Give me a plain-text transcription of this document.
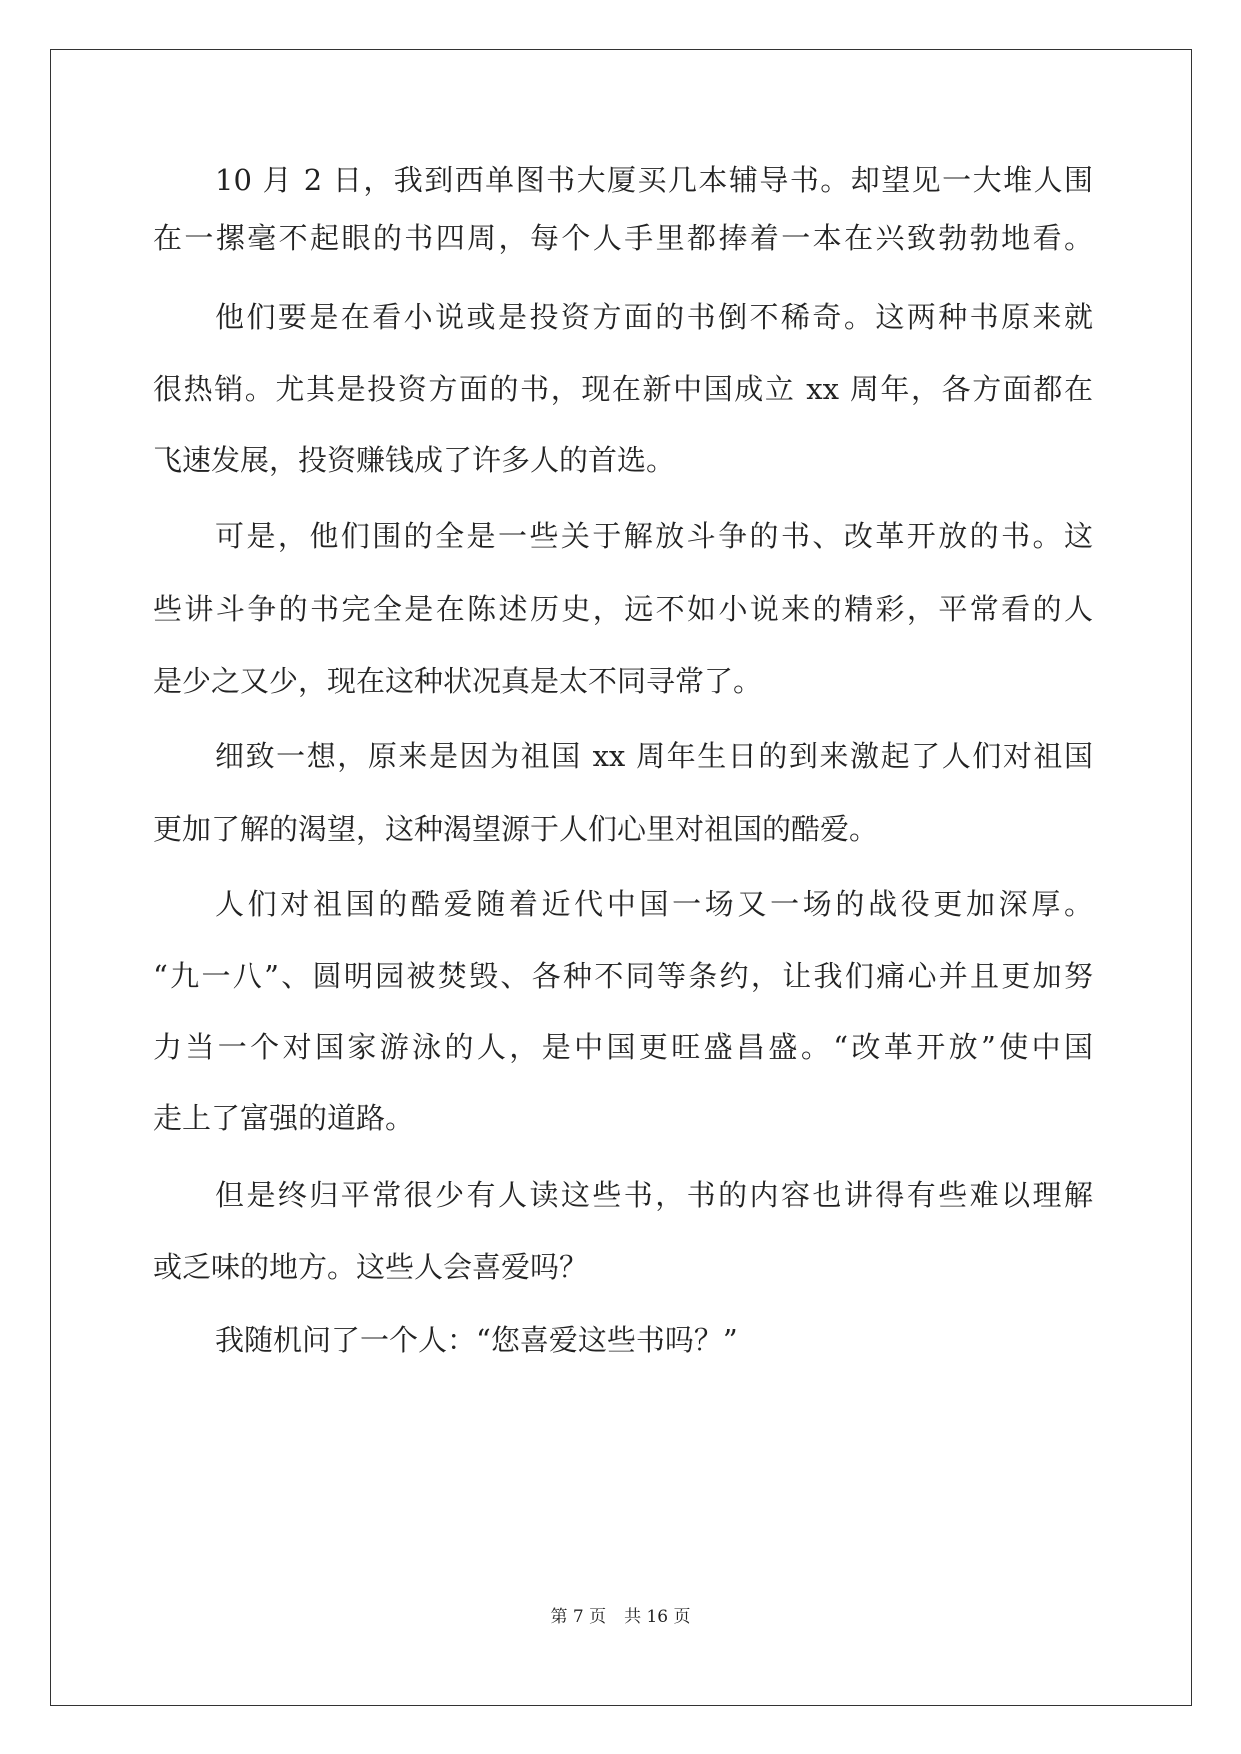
10 月 2 日，我到西单图书大厦买几本辅导书。却望见一大堆人围
在一摞毫不起眼的书四周，每个人手里都捧着一本在兴致勃勃地看。
他们要是在看小说或是投资方面的书倒不稀奇。这两种书原来就
很热销。尤其是投资方面的书，现在新中国成立 xx 周年，各方面都在
飞速发展，投资赚钱成了许多人的首选。
可是，他们围的全是一些关于解放斗争的书、改革开放的书。这
些讲斗争的书完全是在陈述历史，远不如小说来的精彩，平常看的人
是少之又少，现在这种状况真是太不同寻常了。
细致一想，原来是因为祖国 xx 周年生日的到来激起了人们对祖国
更加了解的渴望，这种渴望源于人们心里对祖国的酷爱。
人们对祖国的酷爱随着近代中国一场又一场的战役更加深厚。
“九一八”、圆明园被焚毁、各种不同等条约，让我们痛心并且更加努
力当一个对国家游泳的人，是中国更旺盛昌盛。“改革开放”使中国
走上了富强的道路。
但是终归平常很少有人读这些书，书的内容也讲得有些难以理解
或乏味的地方。这些人会喜爱吗？
我随机问了一个人：“您喜爱这些书吗？”
第 7 页 共 16 页
